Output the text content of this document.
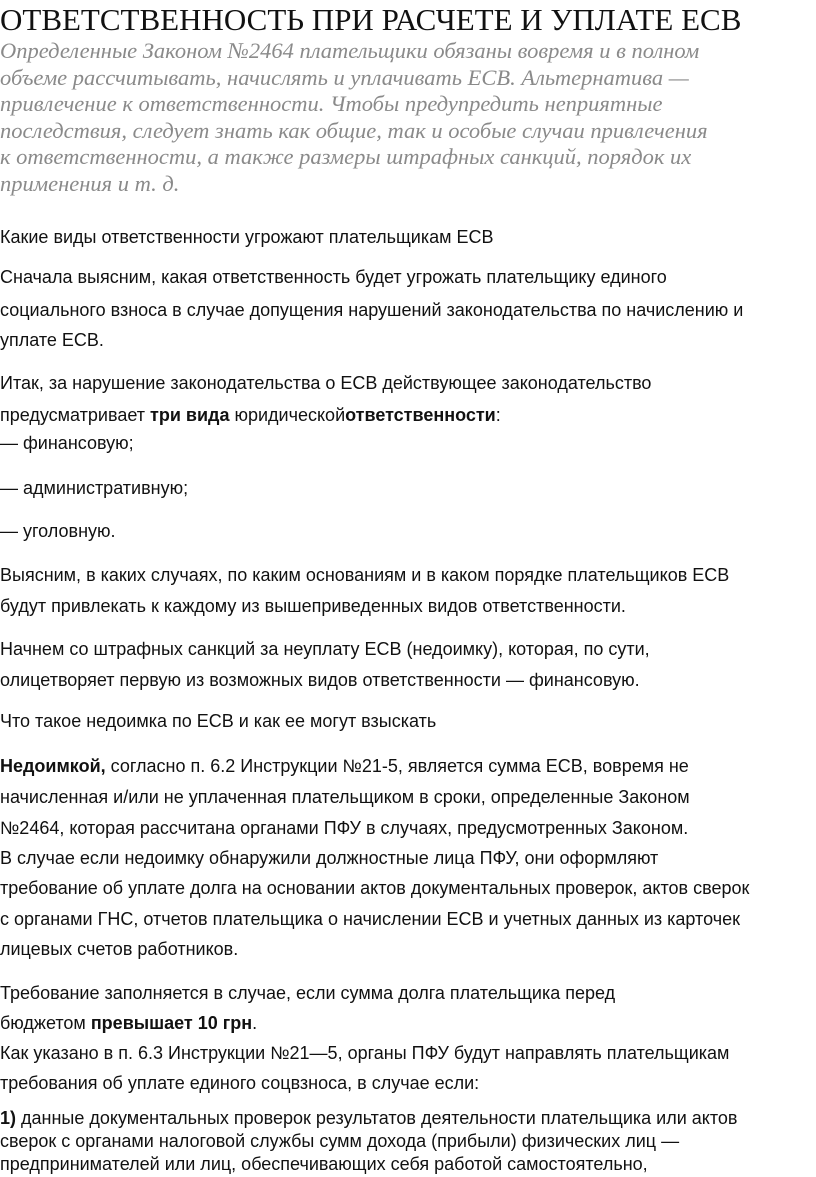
ОТВЕТСТВЕННОСТЬ ПРИ РАСЧЕТЕ И УПЛАТЕ ЕСВ

Определенные Законом №2464 плательщики обязаны вовремя и в полном
объеме рассчитывать, начислять и уплачивать ЕСВ. Альтернатива —
привлечение к ответственности. Чтобы предупредить неприятные
последствия, следует знать как общие, так и особые случаи привлечения
к ответственности, а также размеры штрафных санкций, порядок их
применения и т. д.

Какие виды ответственности угрожают плательщикам ЕСВ

Сначала выясним, какая ответственность будет угрожать плательщику единого

социального взноса в случае допущения нарушений законодательства по начислению и

уплате ЕСВ.

Итак, за нарушение законодательства о ЕСВ действующее законодательство

предусматривает три вида юридическойответственности:

— финансовую;

— административную;

— уголовную.

Выясним, в каких случаях, по каким основаниям и в каком порядке плательщиков ЕСВ

будут привлекать к каждому из вышеприведенных видов ответственности.

Начнем со штрафных санкций за неуплату ЕСВ (недоимку), которая, по сути,

олицетворяет первую из возможных видов ответственности — финансовую.

Что такое недоимка по ЕСВ и как ее могут взыскать

Недоимкой, согласно п. 6.2 Инструкции №21-5, является сумма ЕСВ, вовремя не

начисленная и/или не уплаченная плательщиком в сроки, определенные Законом

№2464, которая рассчитана органами ПФУ в случаях, предусмотренных Законом.

В случае если недоимку обнаружили должностные лица ПФУ, они оформляют

требование об уплате долга на основании актов документальных проверок, актов сверок

с органами ГНС, отчетов плательщика о начислении ЕСВ и учетных данных из карточек

лицевых счетов работников.

Требование заполняется в случае, если сумма долга плательщика перед

бюджетом превышает 10 грн.

Как указано в п. 6.3 Инструкции №21—5, органы ПФУ будут направлять плательщикам

требования об уплате единого соцвзноса, в случае если:

1) данные документальных проверок результатов деятельности плательщика или актов

сверок с органами налоговой службы сумм дохода (прибыли) физических лиц —

предпринимателей или лиц, обеспечивающих себя работой самостоятельно,
